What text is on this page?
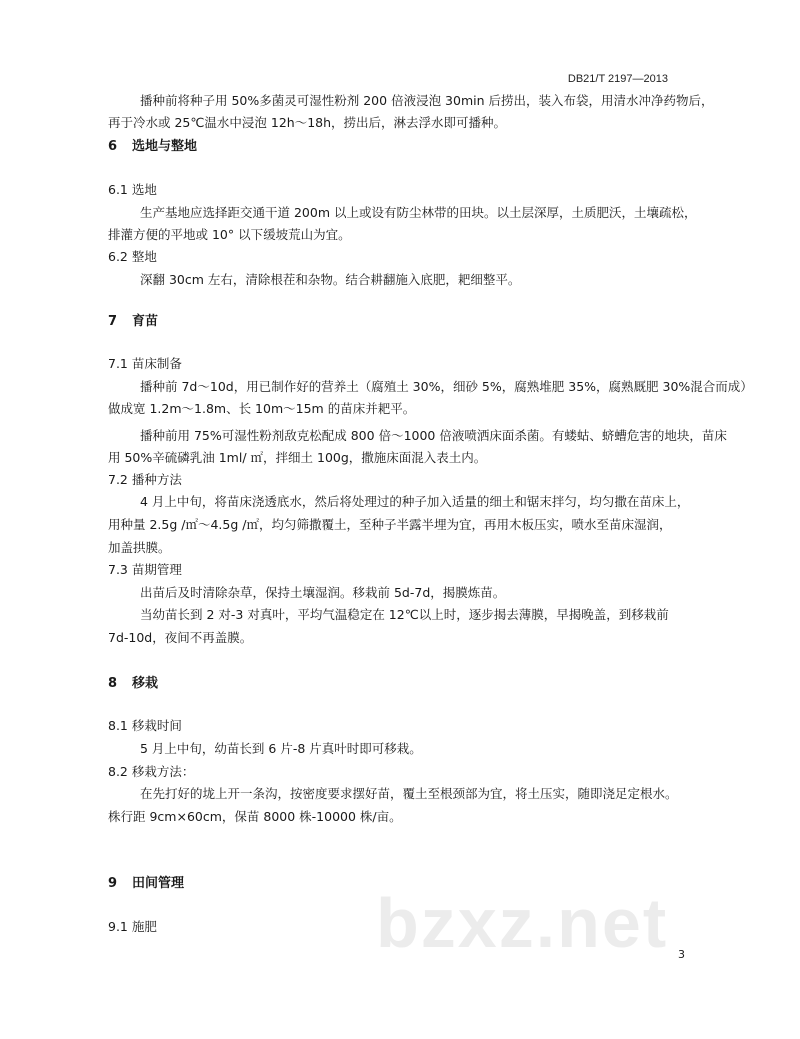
DB21/T 2197—2013

播种前将种子用 50%多菌灵可湿性粉剂 200 倍液浸泡 30min 后捞出，装入布袋，用清水冲净药物后，

再于冷水或 25℃温水中浸泡 12h～18h，捞出后，淋去浮水即可播种。

6 选地与整地

6.1 选地

生产基地应选择距交通干道 200m 以上或设有防尘林带的田块。以土层深厚，土质肥沃，土壤疏松，

排灌方便的平地或 10° 以下缓坡荒山为宜。

6.2 整地

深翻 30cm 左右，清除根茬和杂物。结合耕翻施入底肥，耙细整平。

7 育苗

7.1 苗床制备

播种前 7d～10d，用已制作好的营养土（腐殖土 30%，细砂 5%，腐熟堆肥 35%，腐熟厩肥 30%混合而成）

做成宽 1.2m～1.8m、长 10m～15m 的苗床并耙平。

播种前用 75%可湿性粉剂敌克松配成 800 倍～1000 倍液喷洒床面杀菌。有蝼蛄、蛴螬危害的地块，苗床

用 50%辛硫磷乳油 1ml/ ㎡，拌细土 100g，撒施床面混入表土内。

7.2 播种方法

4 月上中旬，将苗床浇透底水，然后将处理过的种子加入适量的细土和锯末拌匀，均匀撒在苗床上，

用种量 2.5g /㎡～4.5g /㎡，均匀筛撒覆土，至种子半露半埋为宜，再用木板压实，喷水至苗床湿润，

加盖拱膜。

7.3 苗期管理

出苗后及时清除杂草，保持土壤湿润。移栽前 5d-7d，揭膜炼苗。

当幼苗长到 2 对-3 对真叶，平均气温稳定在 12℃以上时，逐步揭去薄膜，早揭晚盖，到移栽前

7d-10d，夜间不再盖膜。

8 移栽

8.1 移栽时间

5 月上中旬，幼苗长到 6 片-8 片真叶时即可移栽。

8.2 移栽方法：

在先打好的垅上开一条沟，按密度要求摆好苗，覆土至根颈部为宜，将土压实，随即浇足定根水。

株行距 9cm×60cm，保苗 8000 株-10000 株/亩。

9 田间管理

9.1 施肥	bzxz.net 3
